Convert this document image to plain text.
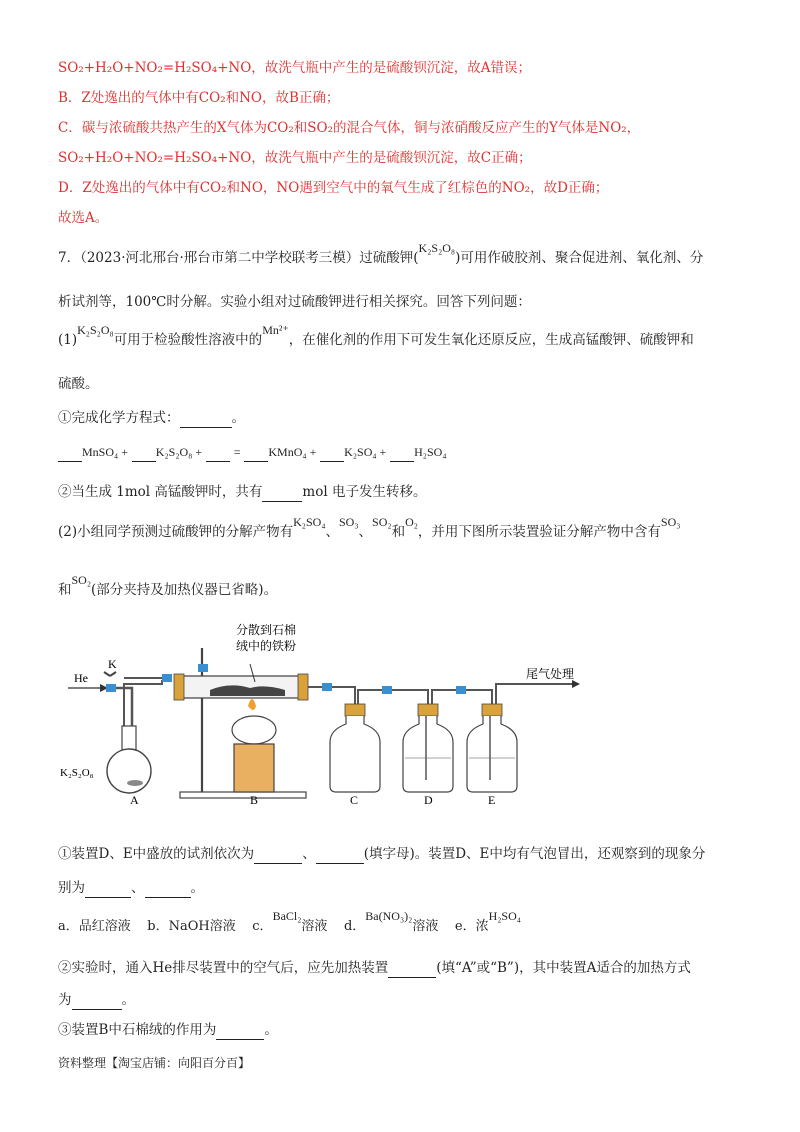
SO₂+H₂O+NO₂=H₂SO₄+NO，故洗气瓶中产生的是硫酸钡沉淀，故A错误；
B．Z处逸出的气体中有CO₂和NO，故B正确；
C．碳与浓硫酸共热产生的X气体为CO₂和SO₂的混合气体，铜与浓硝酸反应产生的Y气体是NO₂，
SO₂+H₂O+NO₂=H₂SO₄+NO，故洗气瓶中产生的是硫酸钡沉淀，故C正确；
D．Z处逸出的气体中有CO₂和NO，NO遇到空气中的氧气生成了红棕色的NO₂，故D正确；
故选A。
7．（2023·河北邢台·邢台市第二中学校联考三模）过硫酸钾(K₂S₂O₈)可用作破胶剂、聚合促进剂、氧化剂、分
析试剂等，100℃时分解。实验小组对过硫酸钾进行相关探究。回答下列问题：
(1)K₂S₂O₈可用于检验酸性溶液中的Mn²⁺，在催化剂的作用下可发生氧化还原反应，生成高锰酸钾、硫酸钾和
硫酸。
①完成化学方程式：	。
MnSO₄ + K₂S₂O₈ +	= KMnO₄ + K₂SO₄ + H₂SO₄
②当生成 1mol 高锰酸钾时，共有	mol 电子发生转移。
(2)小组同学预测过硫酸钾的分解产物有K₂SO₄、SO₃、SO₂和O₂，并用下图所示装置验证分解产物中含有SO₃
和SO₂(部分夹持及加热仪器已省略)。
He
K
K₂S₂O₈
A
分散到石棉
绒中的铁粉
B	C	D	E
尾气处理
①装置D、E中盛放的试剂依次为	、	(填字母)。装置D、E中均有气泡冒出，还观察到的现象分
别为	、	。
a．品红溶液 b．NaOH溶液 c．BaCl₂溶液 d．Ba(NO₃)₂溶液 e．浓H₂SO₄
②实验时，通入He排尽装置中的空气后，应先加热装置	(填“A”或“B”)，其中装置A适合的加热方式
为	。
③装置B中石棉绒的作用为	。
资料整理【淘宝店铺：向阳百分百】
